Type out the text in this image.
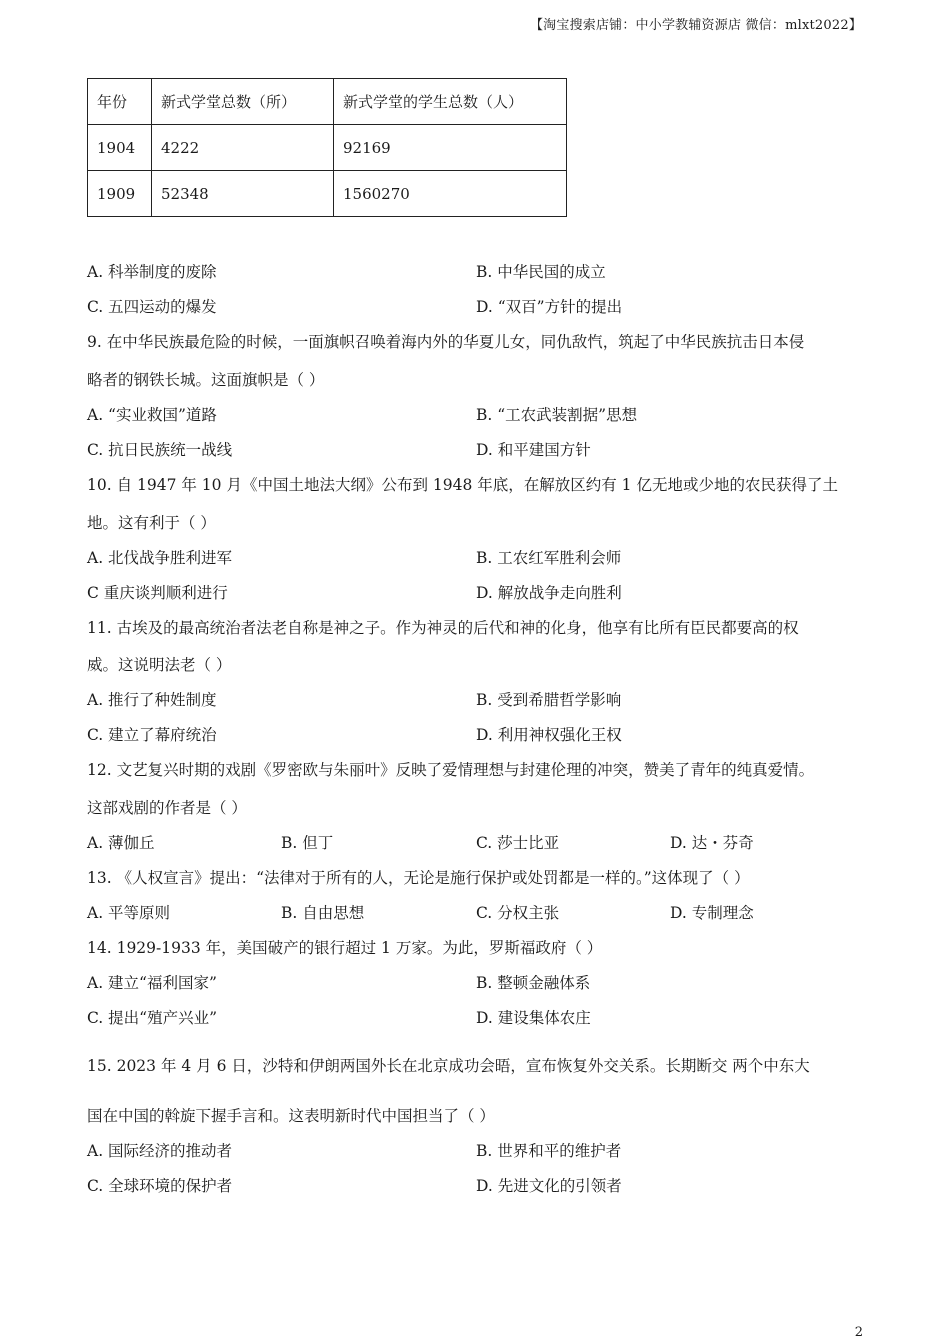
【淘宝搜索店铺：中小学教辅资源店 微信：mlxt2022】
年份	新式学堂总数（所）	新式学堂的学生总数（人）
1904	4222	92169
1909	52348	1560270
A. 科举制度的废除	B. 中华民国的成立
C. 五四运动的爆发	D. “双百”方针的提出
9. 在中华民族最危险的时候，一面旗帜召唤着海内外的华夏儿女，同仇敌忾，筑起了中华民族抗击日本侵
略者的钢铁长城。这面旗帜是（ ）
A. “实业救国”道路	B. “工农武装割据”思想
C. 抗日民族统一战线	D. 和平建国方针
10. 自 1947 年 10 月《中国土地法大纲》公布到 1948 年底，在解放区约有 1 亿无地或少地的农民获得了土
地。这有利于（ ）
A. 北伐战争胜利进军	B. 工农红军胜利会师
C 重庆谈判顺利进行	D. 解放战争走向胜利
11. 古埃及的最高统治者法老自称是神之子。作为神灵的后代和神的化身，他享有比所有臣民都要高的权
威。这说明法老（ ）
A. 推行了种姓制度	B. 受到希腊哲学影响
C. 建立了幕府统治	D. 利用神权强化王权
12. 文艺复兴时期的戏剧《罗密欧与朱丽叶》反映了爱情理想与封建伦理的冲突，赞美了青年的纯真爱情。
这部戏剧的作者是（ ）
A. 薄伽丘	B. 但丁	C. 莎士比亚	D. 达・芬奇
13. 《人权宣言》提出：“法律对于所有的人，无论是施行保护或处罚都是一样的。”这体现了（ ）
A. 平等原则	B. 自由思想	C. 分权主张	D. 专制理念
14. 1929-1933 年，美国破产的银行超过 1 万家。为此，罗斯福政府（ ）
A. 建立“福利国家”	B. 整顿金融体系
C. 提出“殖产兴业”	D. 建设集体农庄
15. 2023 年 4 月 6 日，沙特和伊朗两国外长在北京成功会晤，宣布恢复外交关系。长期断交 两个中东大
国在中国的斡旋下握手言和。这表明新时代中国担当了（ ）
A. 国际经济的推动者	B. 世界和平的维护者
C. 全球环境的保护者	D. 先进文化的引领者
2
